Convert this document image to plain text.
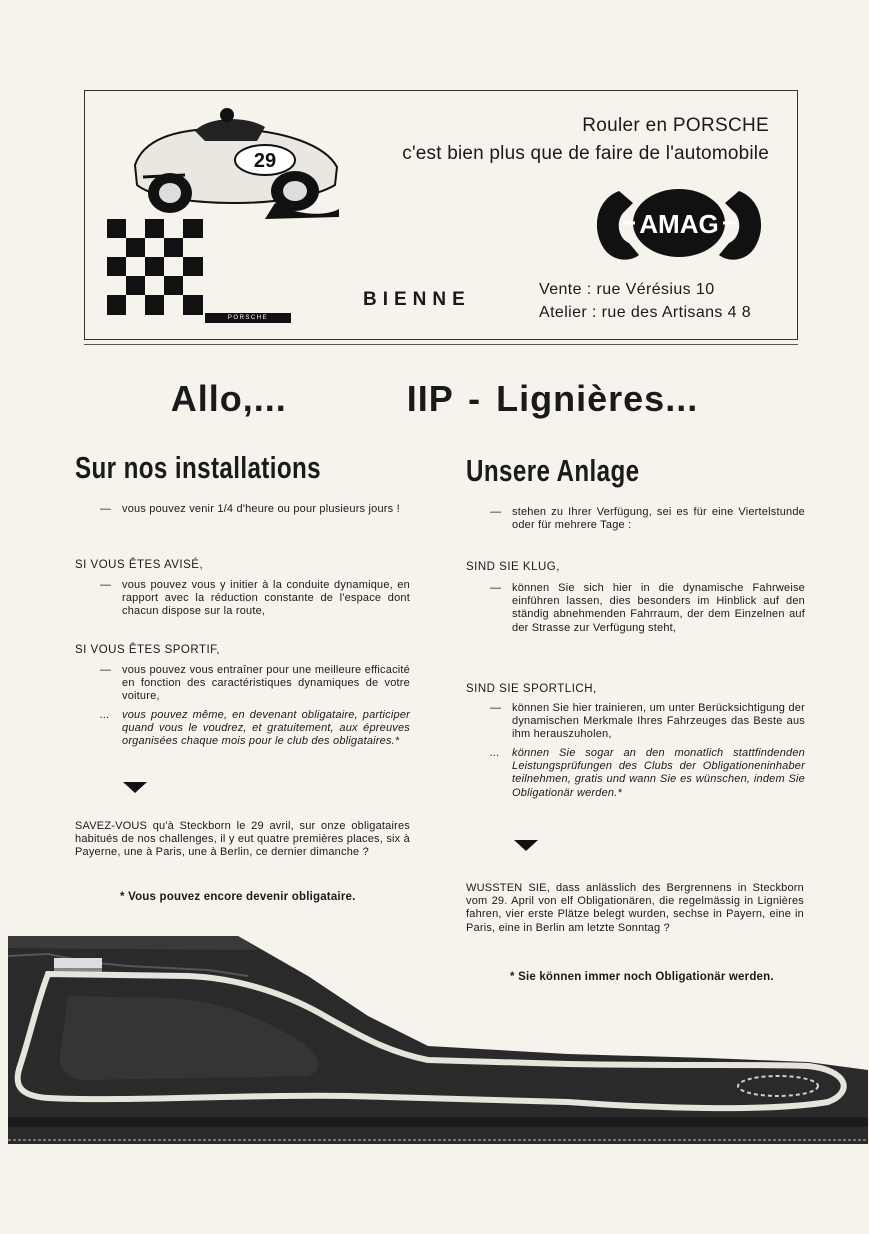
29
PORSCHE
Rouler en PORSCHE
c'est bien plus que de faire de l'automobile
AMAG
BIENNE	Vente : rue Vérésius 10
Atelier : rue des Artisans 4 8
Allo,...	IIP - Lignières...
Sur nos installations
— vous pouvez venir 1/4 d'heure ou pour plusieurs jours !
SI VOUS ÊTES AVISÉ,
— vous pouvez vous y initier à la conduite dynamique, en rapport avec la réduction constante de l'espace dont chacun dispose sur la route,
SI VOUS ÊTES SPORTIF,
— vous pouvez vous entraîner pour une meilleure efficacité en fonction des caractéristiques dynamiques de votre voiture,
...	vous pouvez même, en devenant obligataire, participer quand vous le voudrez, et gratuitement, aux épreuves organisées chaque mois pour le club des obligataires.*
SAVEZ-VOUS qu'à Steckborn le 29 avril, sur onze obligataires habitués de nos challenges, il y eut quatre premières places, six à Payerne, une à Paris, une à Berlin, ce dernier dimanche ?
* Vous pouvez encore devenir obligataire.
Unsere Anlage
— stehen zu Ihrer Verfügung, sei es für eine Viertelstunde oder für mehrere Tage :
SIND SIE KLUG,
— können Sie sich hier in die dynamische Fahrweise einführen lassen, dies besonders im Hinblick auf den ständig abnehmenden Fahrraum, der dem Einzelnen auf der Strasse zur Verfügung steht,
SIND SIE SPORTLICH,
— können Sie hier trainieren, um unter Berücksichtigung der dynamischen Merkmale Ihres Fahrzeuges das Beste aus ihm herauszuholen,
...	können Sie sogar an den monatlich stattfindenden Leistungsprüfungen des Clubs der Obligationeninhaber teilnehmen, gratis und wann Sie es wünschen, indem Sie Obligationär werden.*
WUSSTEN SIE, dass anlässlich des Bergrennens in Steckborn vom 29. April von elf Obligationären, die regelmässig in Lignières fahren, vier erste Plätze belegt wurden, sechse in Payern, eine in Paris, eine in Berlin am letzte Sonntag ?
* Sie können immer noch Obligationär werden.
